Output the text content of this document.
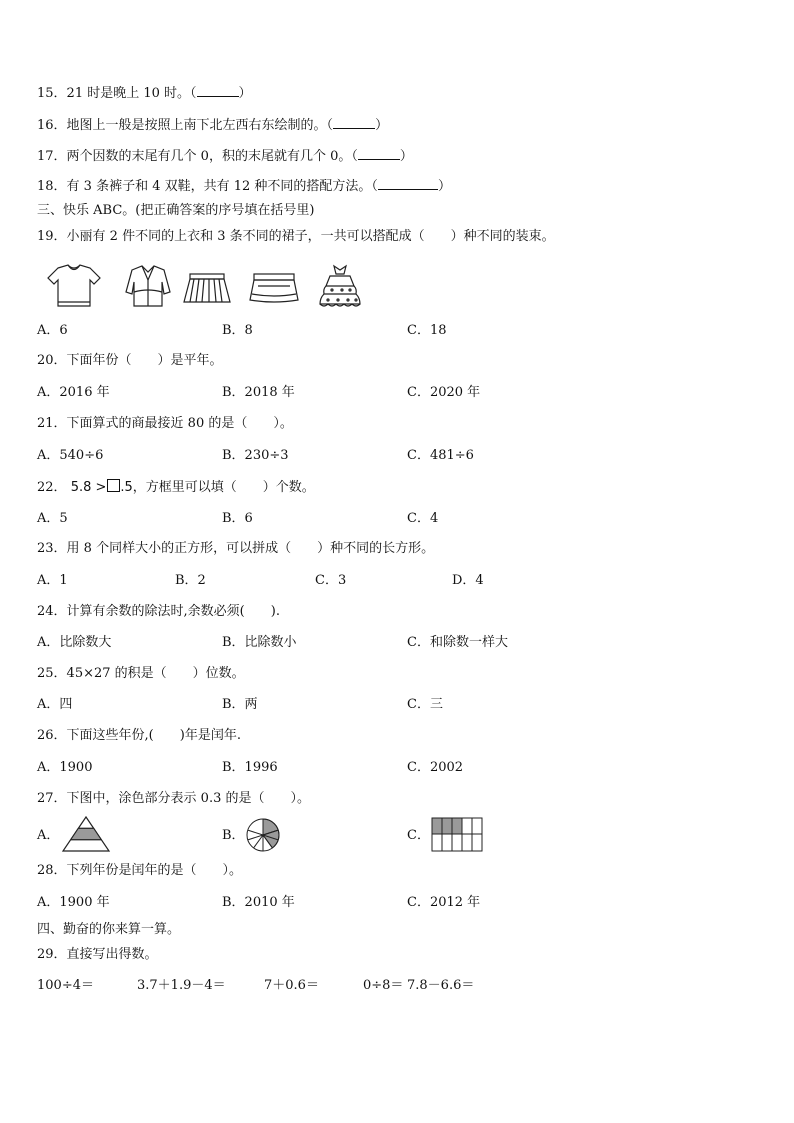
15．21 时是晚上 10 时。（	）
16．地图上一般是按照上南下北左西右东绘制的。（	）
17．两个因数的末尾有几个 0，积的末尾就有几个 0。（	）
18．有 3 条裤子和 4 双鞋，共有 12 种不同的搭配方法。（	）
三、快乐 ABC。(把正确答案的序号填在括号里)
19．小丽有 2 件不同的上衣和 3 条不同的裙子，一共可以搭配成（　　）种不同的装束。
A．6	B．8	C．18
20．下面年份（　　）是平年。
A．2016 年	B．2018 年	C．2020 年
21．下面算式的商最接近 80 的是（　　）。
A．540÷6	B．230÷3	C．481÷6
22． 5.8 > .5，方框里可以填（　　）个数。
A．5	B．6	C．4
23．用 8 个同样大小的正方形，可以拼成（　　）种不同的长方形。
A．1	B．2	C．3	D．4
24．计算有余数的除法时,余数必须(　　).
A．比除数大	B．比除数小	C．和除数一样大
25．45×27 的积是（　　）位数。
A．四	B．两	C．三
26．下面这些年份,(　　)年是闰年.
A．1900	B．1996	C．2002
27．下图中，涂色部分表示 0.3 的是（　　）。
A．	B．	C．
28．下列年份是闰年的是（　　）。
A．1900 年	B．2010 年	C．2012 年
四、勤奋的你来算一算。
29．直接写出得数。
100÷4＝	3.7＋1.9－4＝	7＋0.6＝	0÷8＝ 7.8－6.6＝
